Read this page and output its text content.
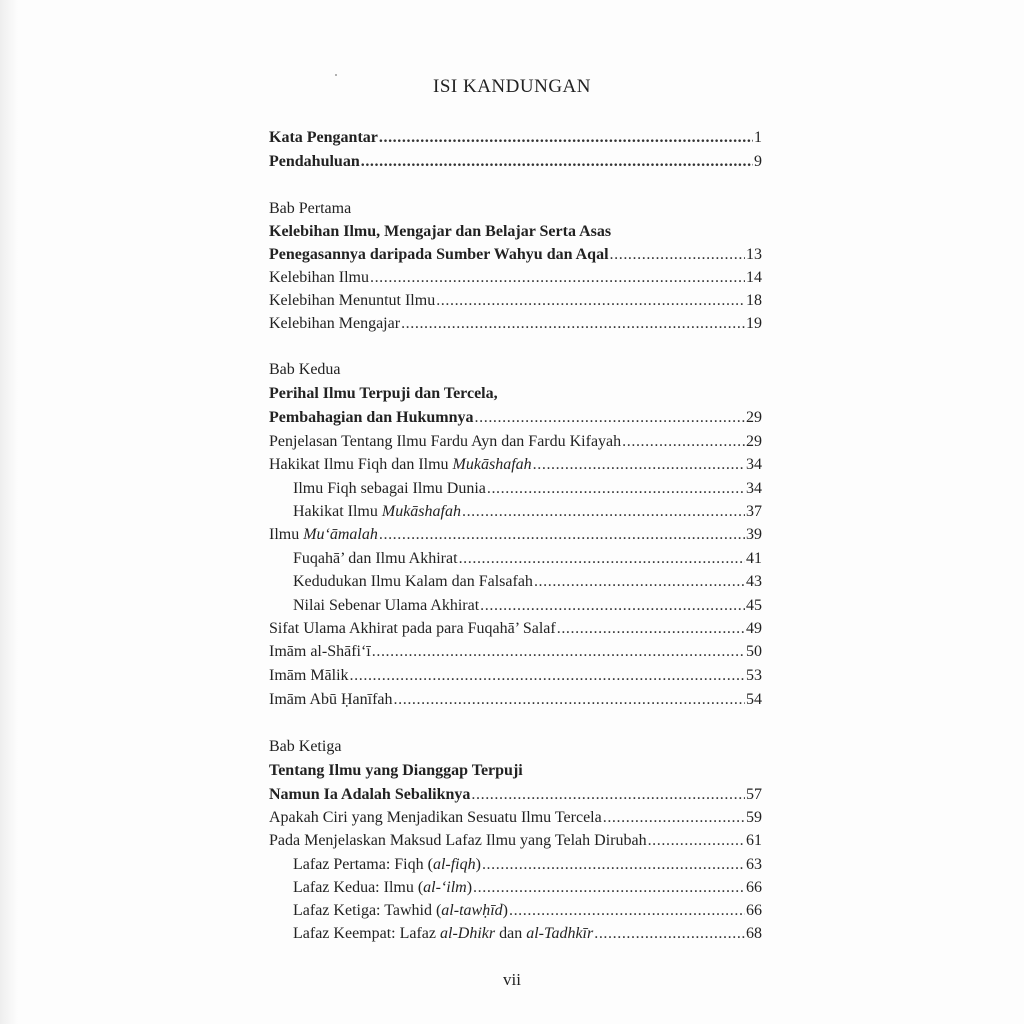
ISI KANDUNGAN
Kata Pengantar .....	1
Pendahuluan .....	9
Bab Pertama
Kelebihan Ilmu, Mengajar dan Belajar Serta Asas
Penegasannya daripada Sumber Wahyu dan Aqal .....	13
Kelebihan Ilmu .....	14
Kelebihan Menuntut Ilmu .....	18
Kelebihan Mengajar .....	19
Bab Kedua
Perihal Ilmu Terpuji dan Tercela,
Pembahagian dan Hukumnya .....	29
Penjelasan Tentang Ilmu Fardu Ayn dan Fardu Kifayah .....	29
Hakikat Ilmu Fiqh dan Ilmu Mukāshafah .....	34
Ilmu Fiqh sebagai Ilmu Dunia .....	34
Hakikat Ilmu Mukāshafah .....	37
Ilmu Mu‘āmalah .....	39
Fuqahā’ dan Ilmu Akhirat .....	41
Kedudukan Ilmu Kalam dan Falsafah .....	43
Nilai Sebenar Ulama Akhirat .....	45
Sifat Ulama Akhirat pada para Fuqahā’ Salaf .....	49
Imām al-Shāfi‘ī .....	50
Imām Mālik .....	53
Imām Abū Ḥanīfah .....	54
Bab Ketiga
Tentang Ilmu yang Dianggap Terpuji
Namun Ia Adalah Sebaliknya .....	57
Apakah Ciri yang Menjadikan Sesuatu Ilmu Tercela .....	59
Pada Menjelaskan Maksud Lafaz Ilmu yang Telah Dirubah .....	61
Lafaz Pertama: Fiqh (al-fiqh) .....	63
Lafaz Kedua: Ilmu (al-‘ilm) .....	66
Lafaz Ketiga: Tawhid (al-tawḥīd) .....	66
Lafaz Keempat: Lafaz al-Dhikr dan al-Tadhkīr .....	68
vii
